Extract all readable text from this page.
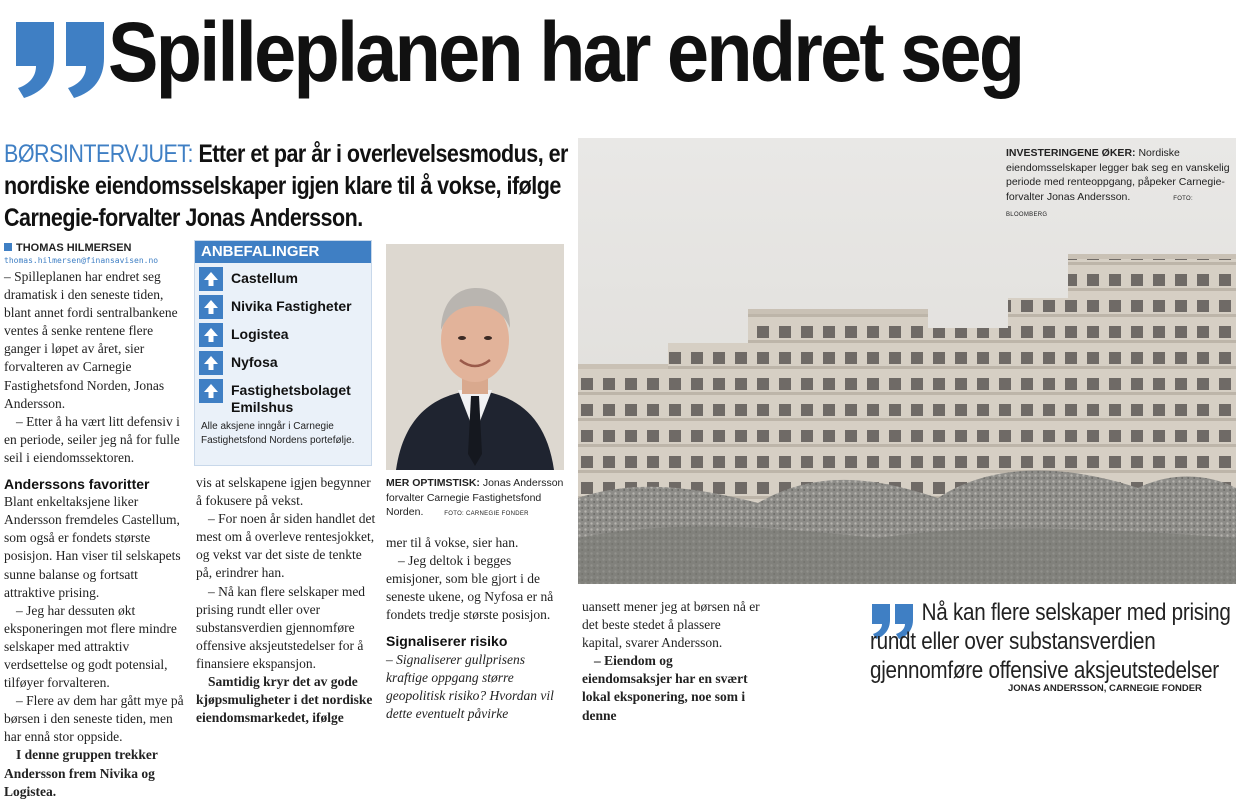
Spilleplanen har endret seg
BØRSINTERVJUET: Etter et par år i overlevelsesmodus, er nordiske eiendomsselskaper igjen klare til å vokse, ifølge Carnegie-forvalter Jonas Andersson.
THOMAS HILMERSEN
thomas.hilmersen@finansavisen.no

– Spilleplanen har endret seg dramatisk i den seneste tiden, blant annet fordi sentralbankene ventes å senke rentene flere ganger i løpet av året, sier forvalteren av Carnegie Fastighetsfond Norden, Jonas Andersson.

– Etter å ha vært litt defensiv i en periode, seiler jeg nå for fulle seil i eiendomssektoren.

Anderssons favoritter

Blant enkeltaksjene liker Andersson fremdeles Castellum, som også er fondets største posisjon. Han viser til selskapets sunne balanse og fortsatt attraktive prising.

– Jeg har dessuten økt eksponeringen mot flere mindre selskaper med attraktiv verdsettelse og godt potensial, tilføyer forvalteren.

– Flere av dem har gått mye på børsen i den seneste tiden, men har ennå stor oppside.

I denne gruppen trekker Andersson frem Nivika og Logistea.

ANBEFALINGER
Castellum
Nivika Fastigheter
Logistea
Nyfosa
Fastighetsbolaget Emilshus
Alle aksjene inngår i Carnegie Fastighetsfond Nordens portefølje.

vis at selskapene igjen begynner å fokusere på vekst.

– For noen år siden handlet det mest om å overleve rentesjokket, og vekst var det siste de tenkte på, erindrer han.

– Nå kan flere selskaper med prising rundt eller over substansverdien gjennomføre offensive aksjeutstedelser for å finansiere ekspansjon.

Samtidig kryr det av gode kjøpsmuligheter i det nordiske eiendomsmarkedet, ifølge

MER OPTIMSTISK: Jonas Andersson forvalter Carnegie Fastighetsfond Norden.	FOTO: CARNEGIE FONDER

mer til å vokse, sier han.

– Jeg deltok i begges emisjoner, som ble gjort i de seneste ukene, og Nyfosa er nå fondets tredje største posisjon.

Signaliserer risiko

– Signaliserer gullprisens kraftige oppgang større geopolitisk risiko? Hvordan vil dette eventuelt påvirke

INVESTERINGENE ØKER: Nordiske eiendomsselskaper legger bak seg en vanskelig periode med renteoppgang, påpeker Carnegie-forvalter Jonas Andersson.	FOTO: BLOOMBERG

uansett mener jeg at børsen nå er det beste stedet å plassere kapital, svarer Andersson.

– Eiendom og eiendomsaksjer har en svært lokal eksponering, noe som i denne

Nå kan flere selskaper med prising rundt eller over substansverdien gjennomføre offensive aksjeutstedelser
JONAS ANDERSSON, CARNEGIE FONDER
